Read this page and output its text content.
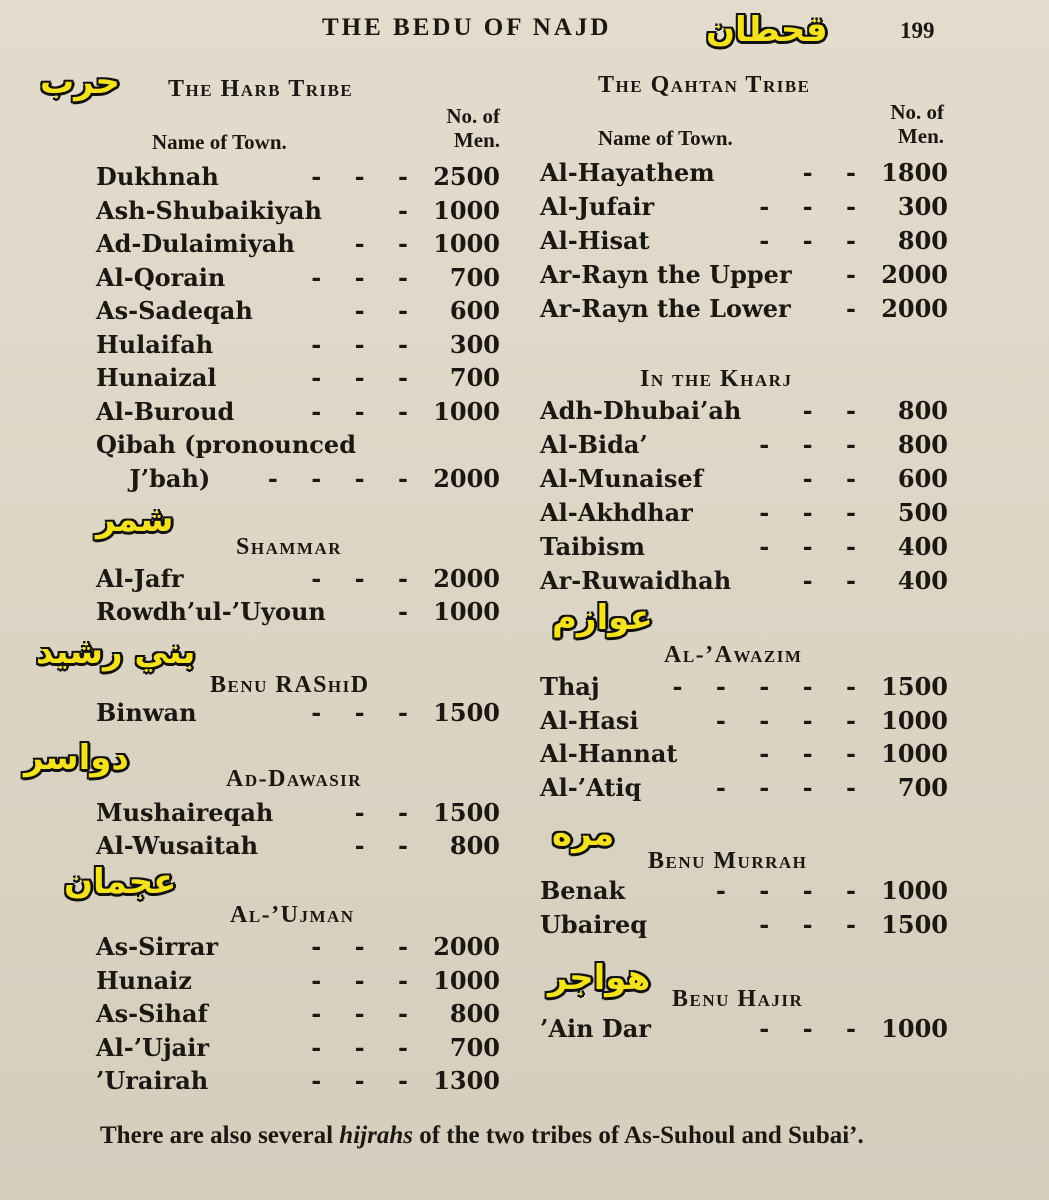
THE BEDU OF NAJD	199
The Harb Tribe
Name of Town.
No. of
Men.
Shammar
Benu RAShiD
Ad-Dawasir
Al-’Ujman
Dukhnah	-    -    - 2500
Ash-Shubaikiyah	- 1000
Ad-Dulaimiyah -    - 1000
Al-Qorain	-    -    - 700
As-Sadeqah	-    - 600
Hulaifah	-    -    - 300
Hunaizal	-    -    - 700
Al-Buroud	-    -    - 1000
Qibah (pronounced
J’bah) -    -    -    - 2000
Al-Jafr	-    -    - 2000
Rowdh’ul-’Uyoun	- 1000
Binwan	-    -    - 1500
Mushaireqah	-    - 1500
Al-Wusaitah	-    - 800
As-Sirrar	-    -    - 2000
Hunaiz	-    -    - 1000
As-Sihaf	-    -    - 800
Al-’Ujair	-    -    - 700
’Urairah	-    -    - 1300
The Qahtan Tribe
Name of Town.
No. of
Men.
In the Kharj
Al-’Awazim
Benu Murrah
Benu Hajir
Al-Hayathem	-    - 1800
Al-Jufair	-    -    - 300
Al-Hisat	-    -    - 800
Ar-Rayn the Upper - 2000
Ar-Rayn the Lower - 2000
Adh-Dhubai’ah	-    - 800
Al-Bida’	-    -    - 800
Al-Munaisef	-    - 600
Al-Akhdhar	-    -    - 500
Taibism	-    -    - 400
Ar-Ruwaidhah	-    - 400
Thaj	-    -    -    -    - 1500
Al-Hasi	-    -    -    - 1000
Al-Hannat	-    -    - 1000
Al-’Atiq	-    -    -    - 700
Benak	-    -    -    - 1000
Ubaireq	-    -    - 1500
’Ain Dar	-    -    - 1000
There are also several hijrahs of the two tribes of As-Suhoul and Subai’.
حرب
قحطان
شمر
بني رشيد
دواسر
عجمان
عوازم
مره
هواجر
